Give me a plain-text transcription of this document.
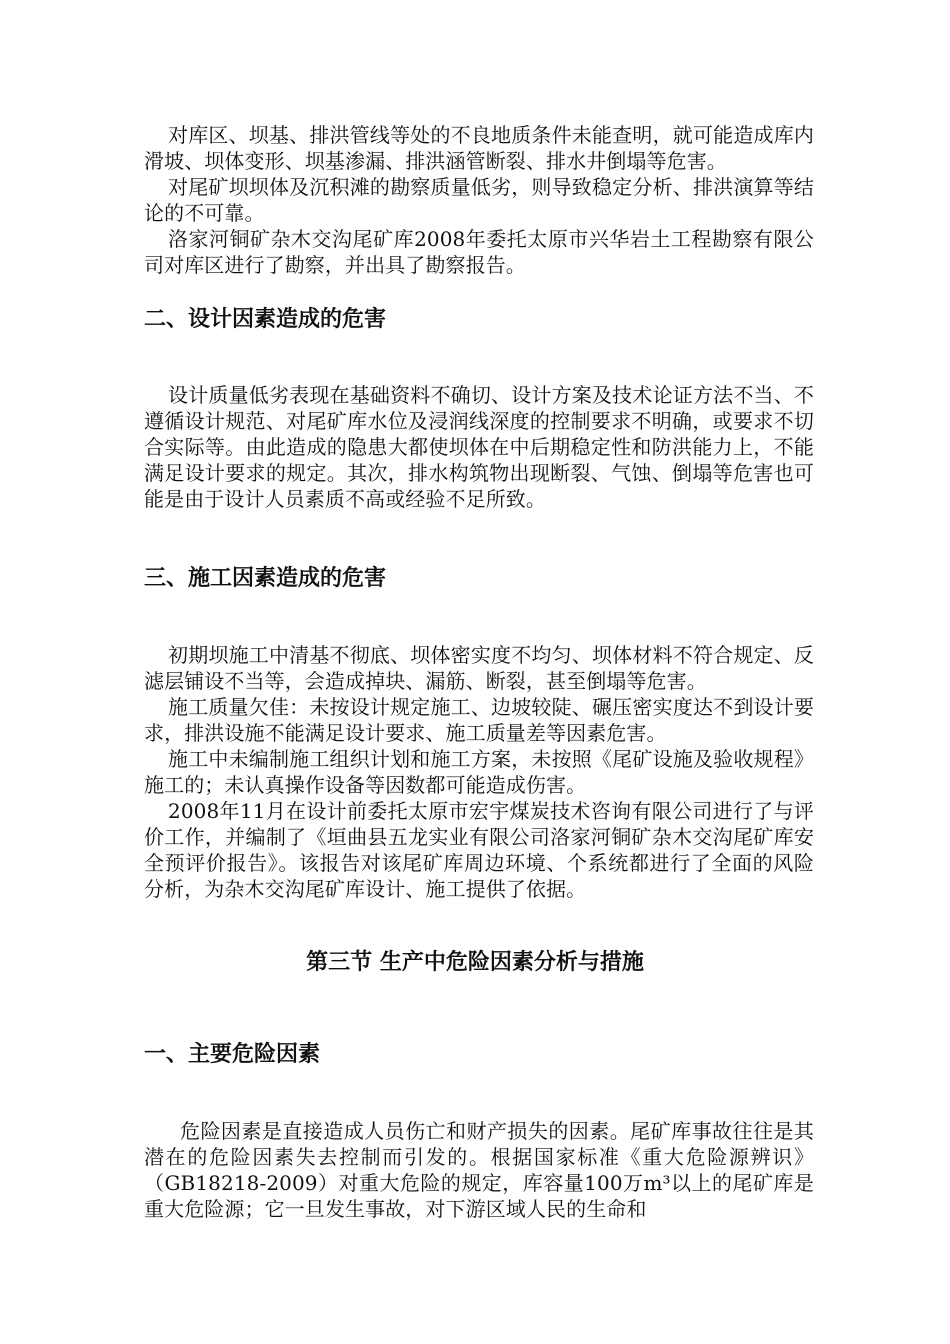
对库区、坝基、排洪管线等处的不良地质条件未能查明，就可能造成库内滑坡、坝体变形、坝基渗漏、排洪涵管断裂、排水井倒塌等危害。

对尾矿坝坝体及沉积滩的勘察质量低劣，则导致稳定分析、排洪演算等结论的不可靠。

洛家河铜矿杂木交沟尾矿库2008年委托太原市兴华岩土工程勘察有限公司对库区进行了勘察，并出具了勘察报告。

二、设计因素造成的危害

设计质量低劣表现在基础资料不确切、设计方案及技术论证方法不当、不遵循设计规范、对尾矿库水位及浸润线深度的控制要求不明确，或要求不切合实际等。由此造成的隐患大都使坝体在中后期稳定性和防洪能力上，不能满足设计要求的规定。其次，排水构筑物出现断裂、气蚀、倒塌等危害也可能是由于设计人员素质不高或经验不足所致。

三、施工因素造成的危害

初期坝施工中清基不彻底、坝体密实度不均匀、坝体材料不符合规定、反滤层铺设不当等，会造成掉块、漏筋、断裂，甚至倒塌等危害。

施工质量欠佳：未按设计规定施工、边坡较陡、碾压密实度达不到设计要求，排洪设施不能满足设计要求、施工质量差等因素危害。

施工中未编制施工组织计划和施工方案，未按照《尾矿设施及验收规程》施工的；未认真操作设备等因数都可能造成伤害。

2008年11月在设计前委托太原市宏宇煤炭技术咨询有限公司进行了与评价工作，并编制了《垣曲县五龙实业有限公司洛家河铜矿杂木交沟尾矿库安全预评价报告》。该报告对该尾矿库周边环境、个系统都进行了全面的风险分析，为杂木交沟尾矿库设计、施工提供了依据。

第三节 生产中危险因素分析与措施
一、主要危险因素

危险因素是直接造成人员伤亡和财产损失的因素。尾矿库事故往往是其潜在的危险因素失去控制而引发的。根据国家标准《重大危险源辨识》（GB18218-2009）对重大危险的规定，库容量100万m³以上的尾矿库是重大危险源；它一旦发生事故，对下游区域人民的生命和
